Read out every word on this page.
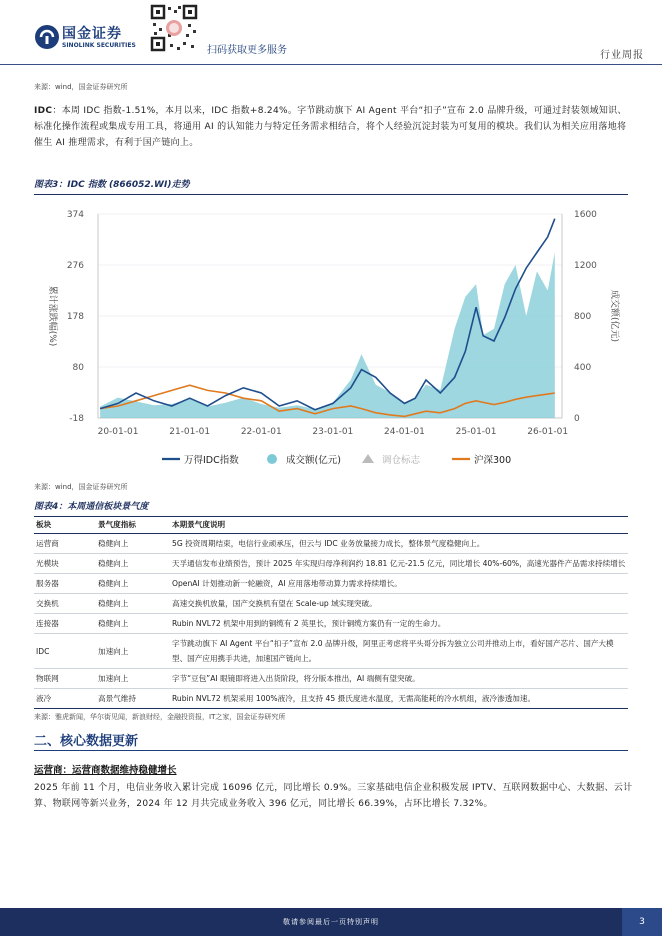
国金证券
SINOLINK SECURITIES	扫码获取更多服务	行业周报
来源：wind，国金证券研究所
IDC：本周 IDC 指数-1.51%，本月以来，IDC 指数+8.24%。字节跳动旗下 AI Agent 平台“扣子”宣布 2.0 品牌升级，可通过封装领域知识、标准化操作流程或集成专用工具，将通用 AI 的认知能力与特定任务需求相结合，将个人经验沉淀封装为可复用的模块。我们认为相关应用落地将催生 AI 推理需求，有利于国产链向上。
图表3：IDC 指数 (866052.WI)走势
374
276
178
80
-18
1600
1200
800
400
0
20-01-01	21-01-01	22-01-01	23-01-01	24-01-01	25-01-01	26-01-01
累计涨跌幅(%)	成交额(亿元)
万得IDC指数	成交额(亿元)	调仓标志	沪深300
来源：wind，国金证券研究所
图表4：本周通信板块景气度
板块	景气度指标	本期景气度说明
运营商	稳健向上	5G 投资周期结束，电信行业顽承压，但云与 IDC 业务放量接力成长，整体景气度稳健向上。
光模块	稳健向上	天孚通信发布业绩预告，预计 2025 年实现归母净利润约 18.81 亿元-21.5 亿元，同比增长 40%-60%，高速光器件产品需求持续增长
服务器	稳健向上	OpenAI 计划推动新一轮融资，AI 应用落地带动算力需求持续增长。
交换机	稳健向上	高速交换机放量，国产交换机有望在 Scale-up 域实现突破。
连接器	稳健向上	Rubin NVL72 机架中用到的铜缆有 2 英里长，预计铜缆方案仍有一定的生命力。
IDC	加速向上	字节跳动旗下 AI Agent 平台“扣子”宣布 2.0 品牌升级，阿里正考虑将平头哥分拆为独立公司并推动上市，看好国产芯片、国产大模型、国产应用携手共进，加速国产链向上。
物联网	加速向上	字节“豆包”AI 眼镜即将进入出货阶段，将分版本推出，AI 端侧有望突破。
液冷	高景气维持	Rubin NVL72 机架采用 100%液冷，且支持 45 摄氏度进水温度，无需高能耗的冷水机组，液冷渗透加速。
来源：雅虎新闻，华尔街见闻，新浪财经，金融投资报，IT之家，国金证券研究所
二、核心数据更新
运营商：运营商数据维持稳健增长
2025 年前 11 个月，电信业务收入累计完成 16096 亿元，同比增长 0.9%。三家基础电信企业积极发展 IPTV、互联网数据中心、大数据、云计算、物联网等新兴业务，2024 年 12 月共完成业务收入 396 亿元，同比增长 66.39%，占环比增长 7.32%。
敬请参阅最后一页特别声明	3
